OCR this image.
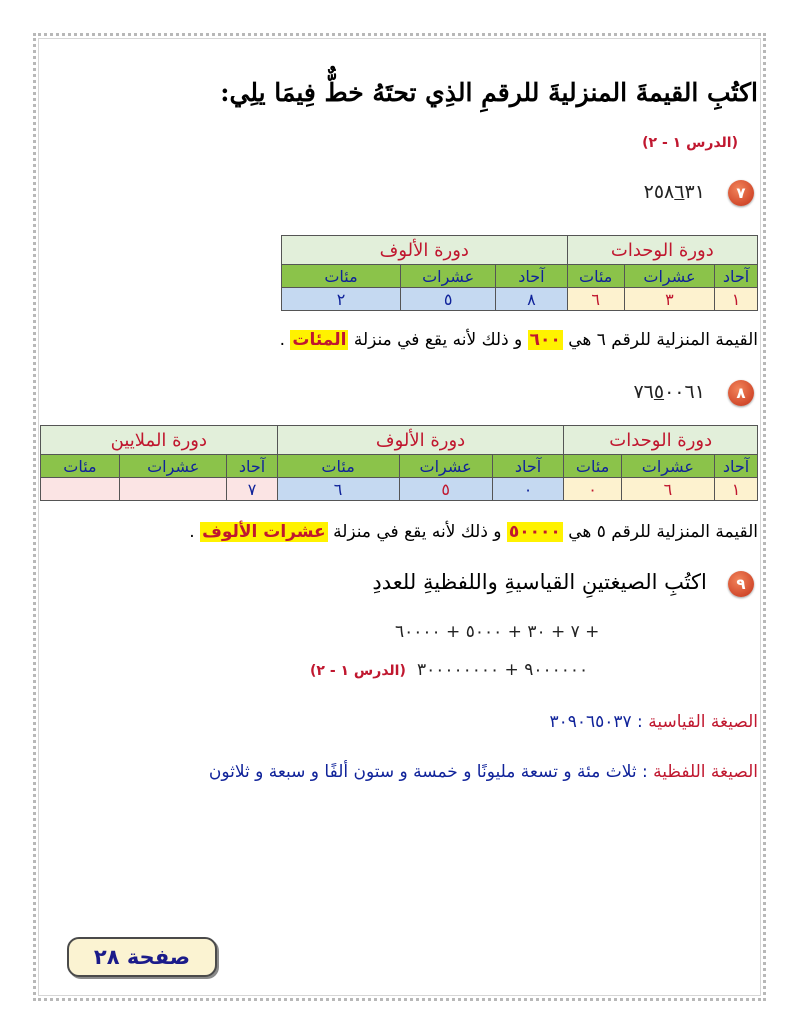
اكتُبِ القيمةَ المنزليةَ للرقمِ الذِي تحتَهُ خطٌّ فِيمَا يلِي:
(الدرس ١ - ٢)
٧ ٢٥٨٦٣١
دورة الوحدات			دورة الألوف		
آحاد	عشرات	مئات	آحاد	عشرات	مئات
١	٣	٦	٨	٥	٢
القيمة المنزلية للرقم ٦ هي ٦٠٠ و ذلك لأنه يقع في منزلة المئات .
٨ ٧٦٥٠٠٦١
دورة الوحدات			دورة الألوف			دورة الملايين		
آحاد	عشرات	مئات	آحاد	عشرات	مئات	آحاد	عشرات	مئات
١	٦	٠	٠	٥	٦	٧		
القيمة المنزلية للرقم ٥ هي ٥٠٠٠٠ و ذلك لأنه يقع في منزلة عشرات الألوف .
٩ اكتُبِ الصيغتينِ القياسيةِ واللفظيةِ للعددِ
٧ + ٣٠ + ٥٠٠٠ + ٦٠٠٠٠ +
(الدرس ١ - ٢) ٩٠٠٠٠٠٠ + ٣٠٠٠٠٠٠٠٠
الصيغة القياسية : ٣٠٩٠٦٥٠٣٧
الصيغة اللفظية : ثلاث مئة و تسعة مليونًا و خمسة و ستون ألفًا و سبعة و ثلاثون
صفحة ٢٨
